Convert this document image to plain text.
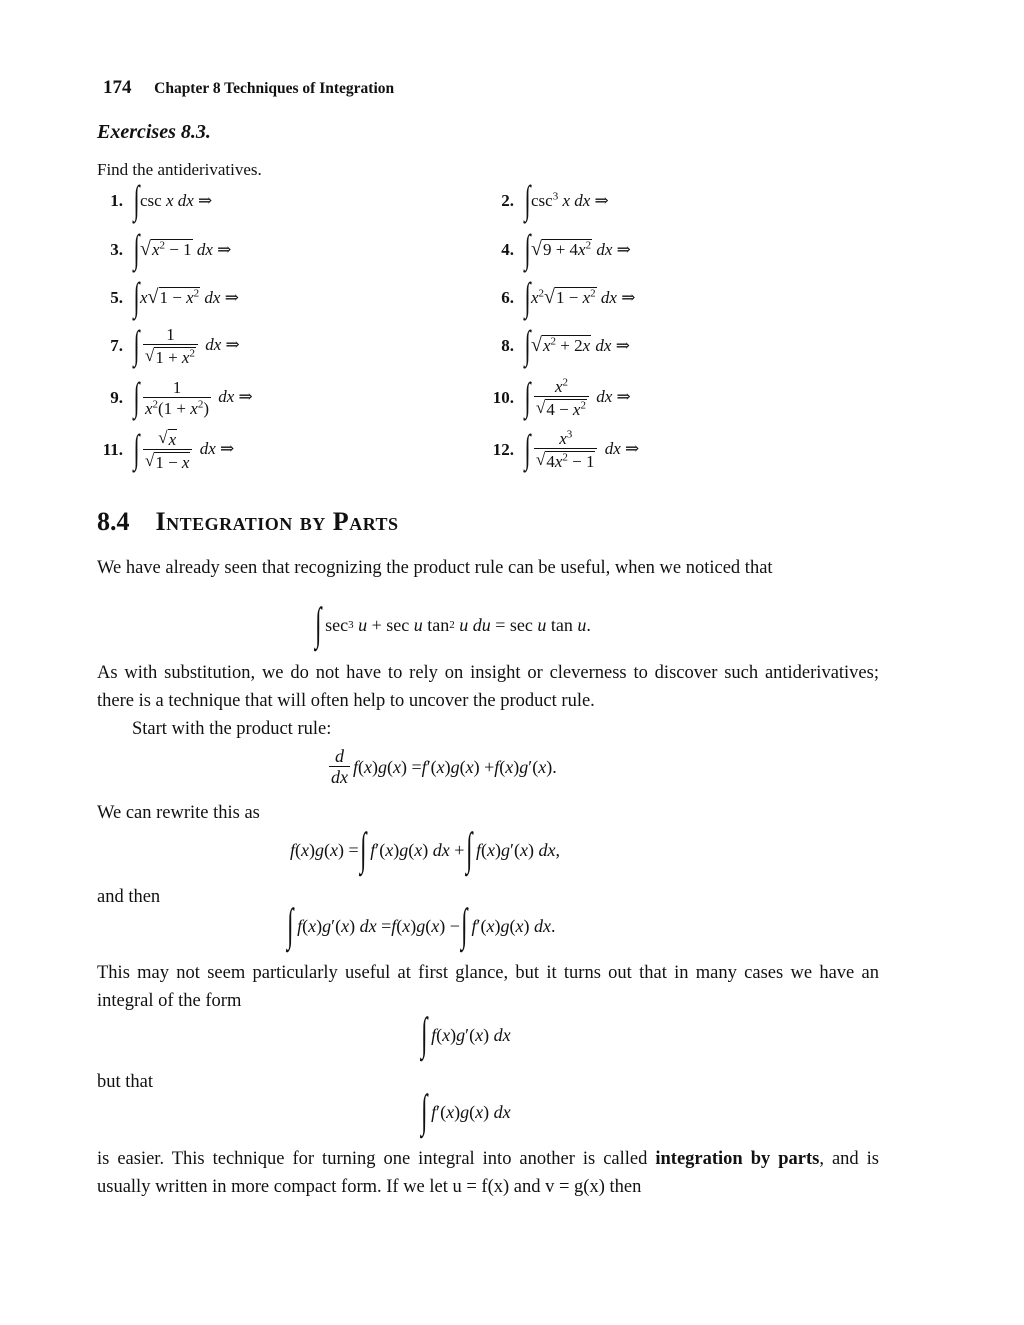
174 Chapter 8 Techniques of Integration
Exercises 8.3.
Find the antiderivatives.
1. ∫ csc x dx ⇒	2. ∫ $\csc^3 x$ dx ⇒
3. ∫ √ $x^2 - 1$ dx ⇒	4. ∫ √ $9 + 4x^2$ dx ⇒
5. ∫ x √ $1 - x^2$ dx ⇒	6. ∫ $x^2$ √ $1 - x^2$ dx ⇒
7. ∫ $\frac{1}{√ 1 + x^2}$ dx ⇒	8. ∫ √ $x^2 + 2x$ dx ⇒
9. ∫ $\frac{1}{x^2(1 + x^2)}$ dx ⇒	10. ∫ $\frac{x^2}{√ 4 - x^2}$ dx ⇒
11. ∫ $\frac{√ x}{√ 1 - x}$ dx ⇒	12. ∫ $\frac{x^3}{√ 4x^2 - 1}$ dx ⇒
8.4 Integration by Parts
We have already seen that recognizing the product rule can be useful, when we noticed that
∫ sec 3
u + sec u tan 2
u du = sec u tan u .
As with substitution, we do not have to rely on insight or cleverness to discover such antiderivatives; there is a technique that will often help to uncover the product rule.
Start with the product rule:
$\frac{d}{dx}$ f ( x ) g ( x ) = f ′( x ) g ( x ) + f ( x ) g ′( x ).
We can rewrite this as
f ( x ) g ( x ) =
∫
f ′( x ) g ( x ) dx +
∫
f ( x ) g ′( x ) dx ,
and then
∫
f ( x ) g ′( x ) dx = f ( x ) g ( x ) −
∫
f ′( x ) g ( x ) dx .
This may not seem particularly useful at first glance, but it turns out that in many cases we have an integral of the form
∫
f ( x ) g ′( x ) dx
but that
∫
f ′( x ) g ( x ) dx
is easier. This technique for turning one integral into another is called integration by parts, and is usually written in more compact form. If we let u = f(x) and v = g(x) then
